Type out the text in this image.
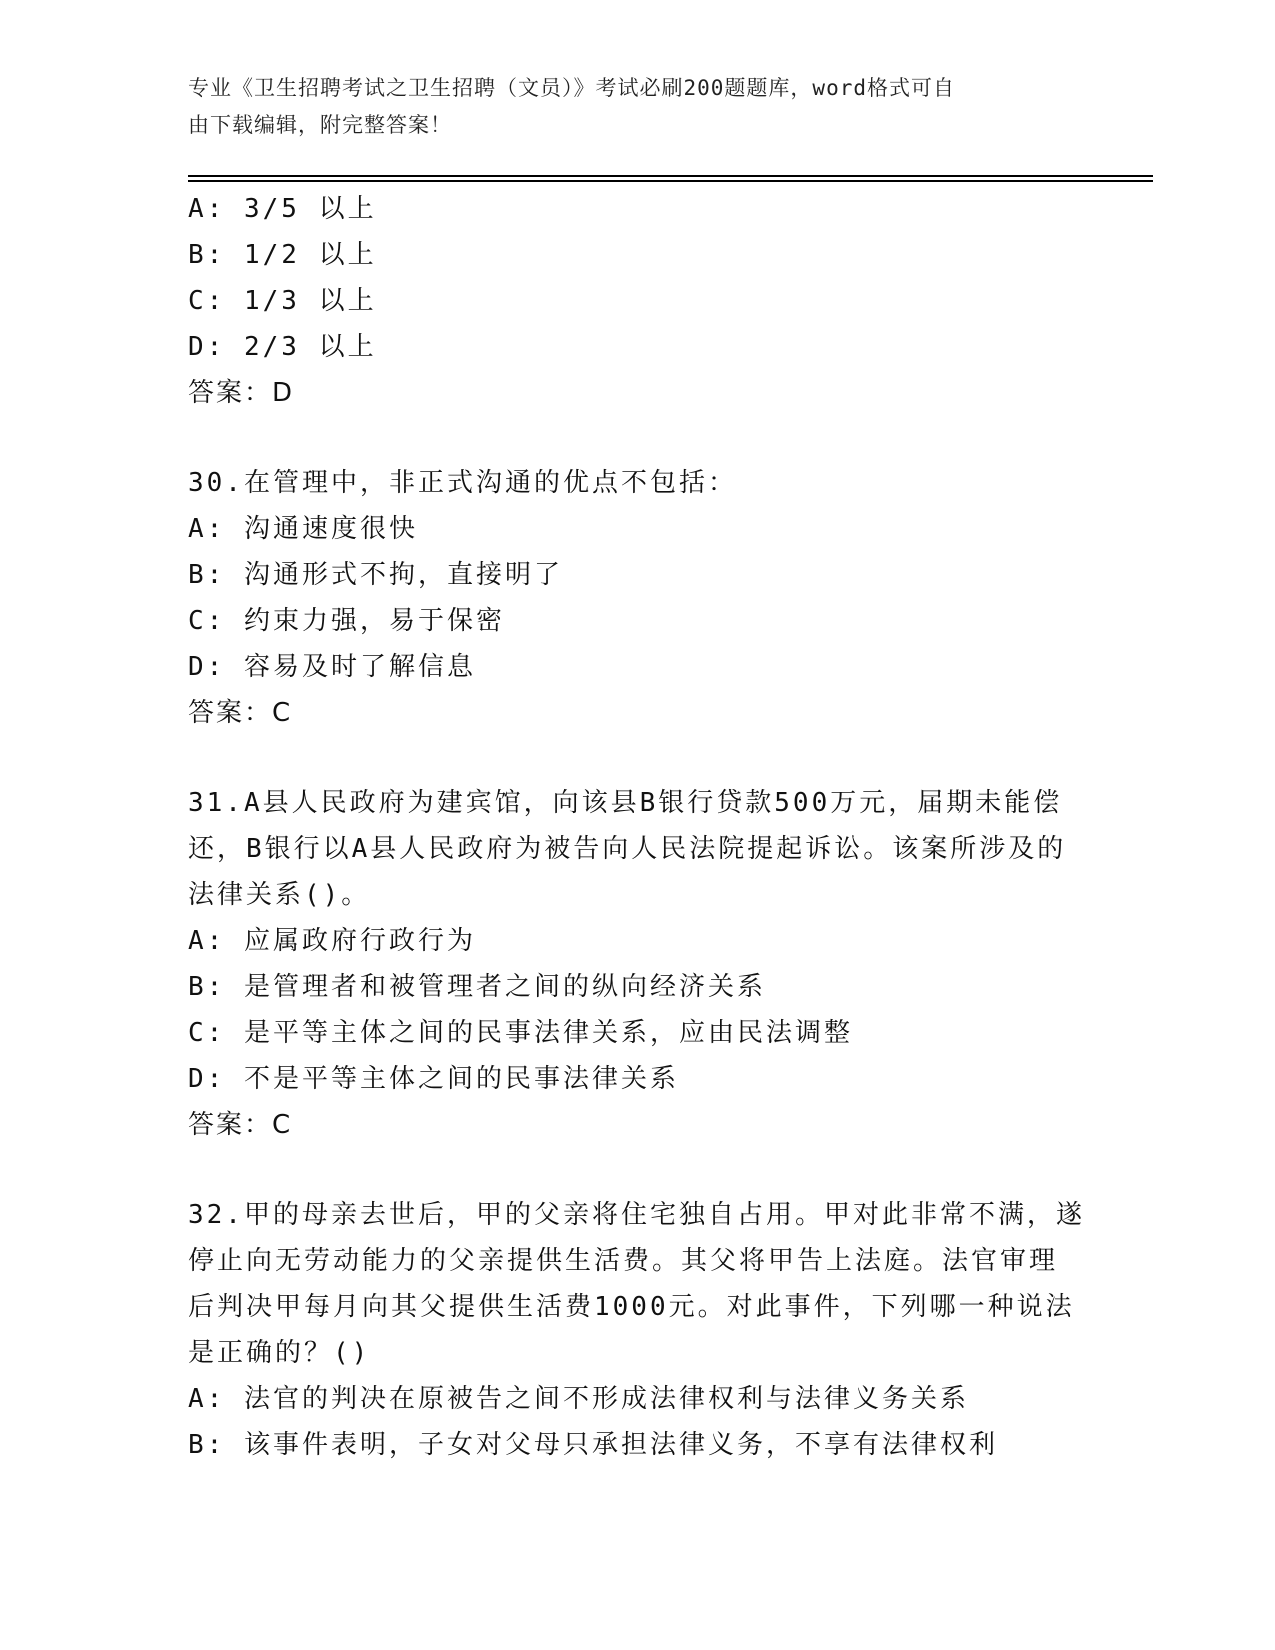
专业《卫生招聘考试之卫生招聘（文员）》考试必刷200题题库，word格式可自
由下载编辑，附完整答案！
A: 3/5 以上
B: 1/2 以上
C: 1/3 以上
D: 2/3 以上
答案：D
30.在管理中，非正式沟通的优点不包括：
A: 沟通速度很快
B: 沟通形式不拘，直接明了
C: 约束力强，易于保密
D: 容易及时了解信息
答案：C
31.A县人民政府为建宾馆，向该县B银行贷款500万元，届期未能偿
还，B银行以A县人民政府为被告向人民法院提起诉讼。该案所涉及的
法律关系()。
A: 应属政府行政行为
B: 是管理者和被管理者之间的纵向经济关系
C: 是平等主体之间的民事法律关系，应由民法调整
D: 不是平等主体之间的民事法律关系
答案：C
32.甲的母亲去世后，甲的父亲将住宅独自占用。甲对此非常不满，遂
停止向无劳动能力的父亲提供生活费。其父将甲告上法庭。法官审理
后判决甲每月向其父提供生活费1000元。对此事件，下列哪一种说法
是正确的？()
A: 法官的判决在原被告之间不形成法律权利与法律义务关系
B: 该事件表明，子女对父母只承担法律义务，不享有法律权利
